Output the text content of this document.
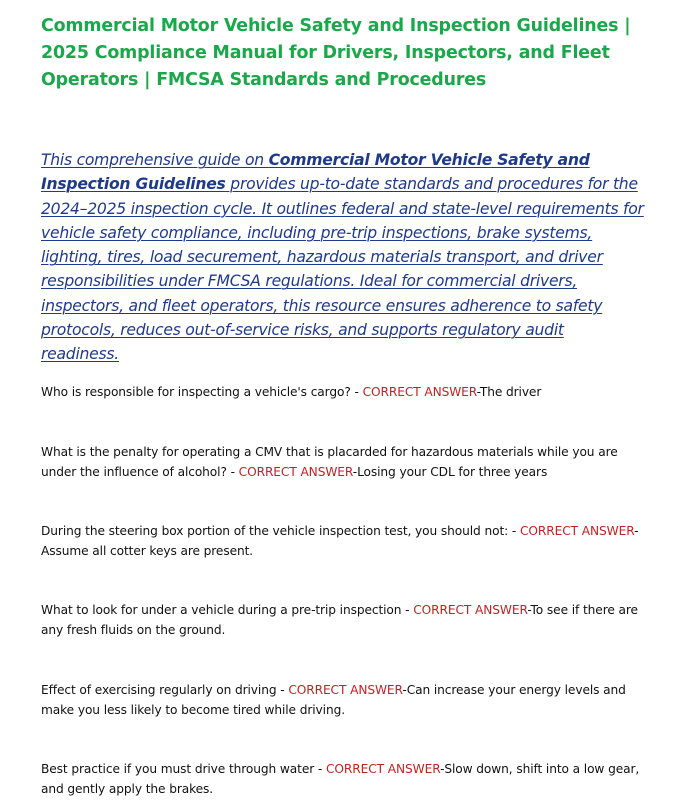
Commercial Motor Vehicle Safety and Inspection Guidelines | 2025 Compliance Manual for Drivers, Inspectors, and Fleet Operators | FMCSA Standards and Procedures

This comprehensive guide on Commercial Motor Vehicle Safety and Inspection Guidelines provides up-to-date standards and procedures for the 2024–2025 inspection cycle. It outlines federal and state-level requirements for vehicle safety compliance, including pre-trip inspections, brake systems, lighting, tires, load securement, hazardous materials transport, and driver responsibilities under FMCSA regulations. Ideal for commercial drivers, inspectors, and fleet operators, this resource ensures adherence to safety protocols, reduces out-of-service risks, and supports regulatory audit readiness.

Who is responsible for inspecting a vehicle's cargo? - CORRECT ANSWER-The driver

What is the penalty for operating a CMV that is placarded for hazardous materials while you are under the influence of alcohol? - CORRECT ANSWER-Losing your CDL for three years

During the steering box portion of the vehicle inspection test, you should not: - CORRECT ANSWER-Assume all cotter keys are present.

What to look for under a vehicle during a pre-trip inspection - CORRECT ANSWER-To see if there are any fresh fluids on the ground.

Effect of exercising regularly on driving - CORRECT ANSWER-Can increase your energy levels and make you less likely to become tired while driving.

Best practice if you must drive through water - CORRECT ANSWER-Slow down, shift into a low gear, and gently apply the brakes.
